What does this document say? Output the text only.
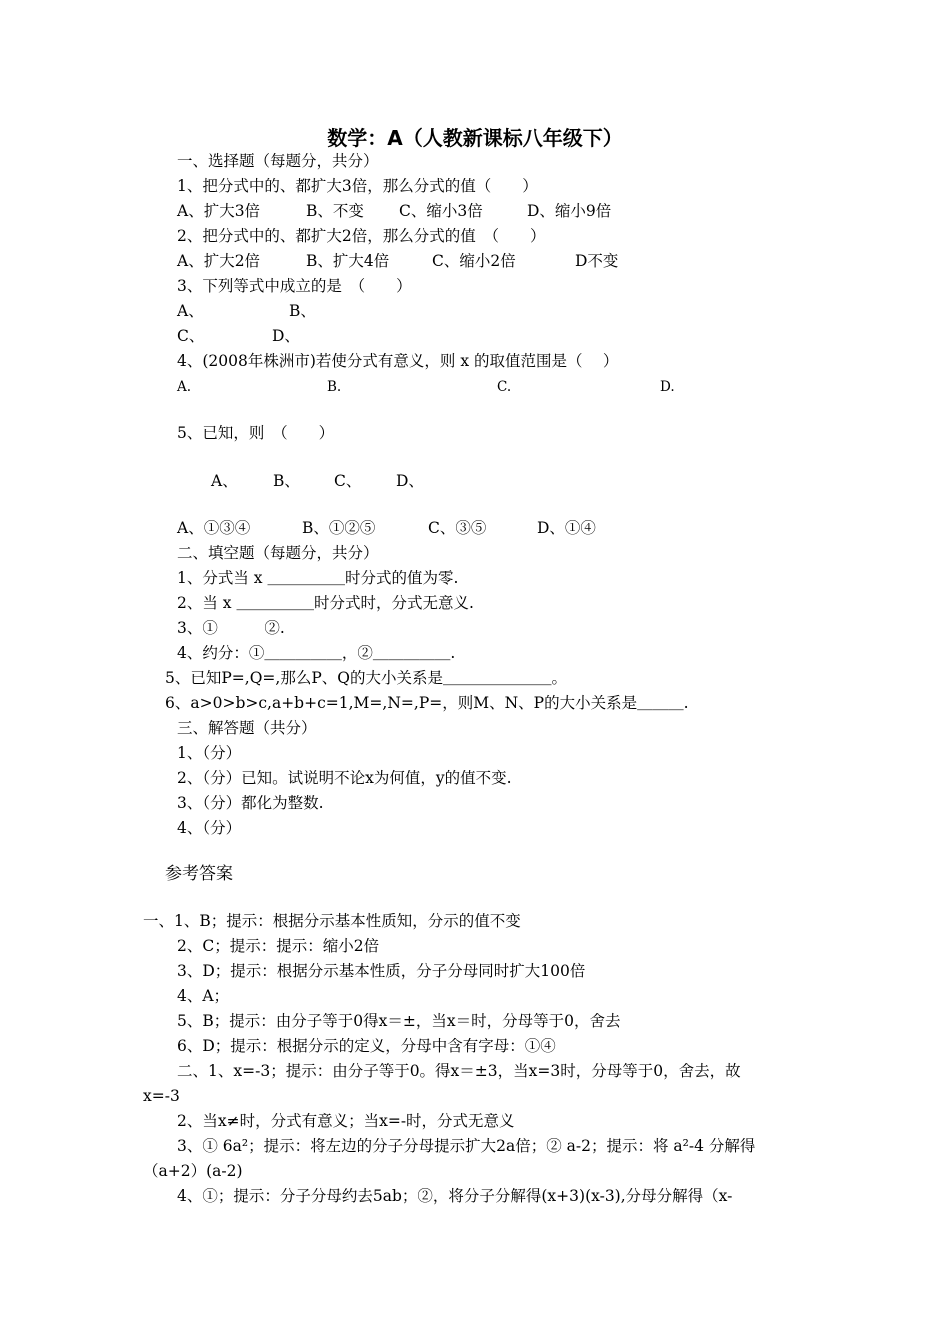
数学：A（人教新课标八年级下）
一、选择题（每题分，共分）
1、把分式中的、都扩大3倍，那么分式的值（　　）
A、扩大3倍	B、不变 C、缩小3倍	D、缩小9倍
2、把分式中的、都扩大2倍，那么分式的值　（　　）
A、扩大2倍	B、扩大4倍	C、缩小2倍	D不变
3、下列等式中成立的是　（　　）
A、	B、
C、	D、
4、(2008年株洲市)若使分式有意义，则 x 的取值范围是（　 ）
A.	B.	C.	D.
5、已知，则　（　　）
A、 B、 C、 D、
A、①③④	B、①②⑤	C、③⑤	D、①④
二、填空题（每题分，共分）
1、分式当 x ＿＿＿＿＿时分式的值为零.
2、当 x ＿＿＿＿＿时分式时，分式无意义.
3、①　　　②.
4、约分：①＿＿＿＿＿，②＿＿＿＿＿.
5、已知P=,Q=,那么P、Q的大小关系是＿＿＿＿＿＿＿。
6、a>0>b>c,a+b+c=1,M=,N=,P=，则M、N、P的大小关系是＿＿＿.
三、解答题（共分）
1、（分）
2、（分）已知。试说明不论x为何值，y的值不变.
3、（分）都化为整数.
4、（分）
参考答案
一、1、B；提示：根据分示基本性质知，分示的值不变
2、C；提示：提示：缩小2倍
3、D；提示：根据分示基本性质，分子分母同时扩大100倍
4、A；
5、B；提示：由分子等于0得x＝±，当x＝时，分母等于0，舍去
6、D；提示：根据分示的定义，分母中含有字母：①④
二、1、x=-3；提示：由分子等于0。得x＝±3，当x=3时，分母等于0，舍去，故
x=-3
2、当x≠时，分式有意义；当x=-时，分式无意义
3、① 6a²；提示：将左边的分子分母提示扩大2a倍；② a-2；提示：将 a²-4 分解得
（a+2）(a-2)
4、①；提示：分子分母约去5ab；②，将分子分解得(x+3)(x-3),分母分解得（x-
